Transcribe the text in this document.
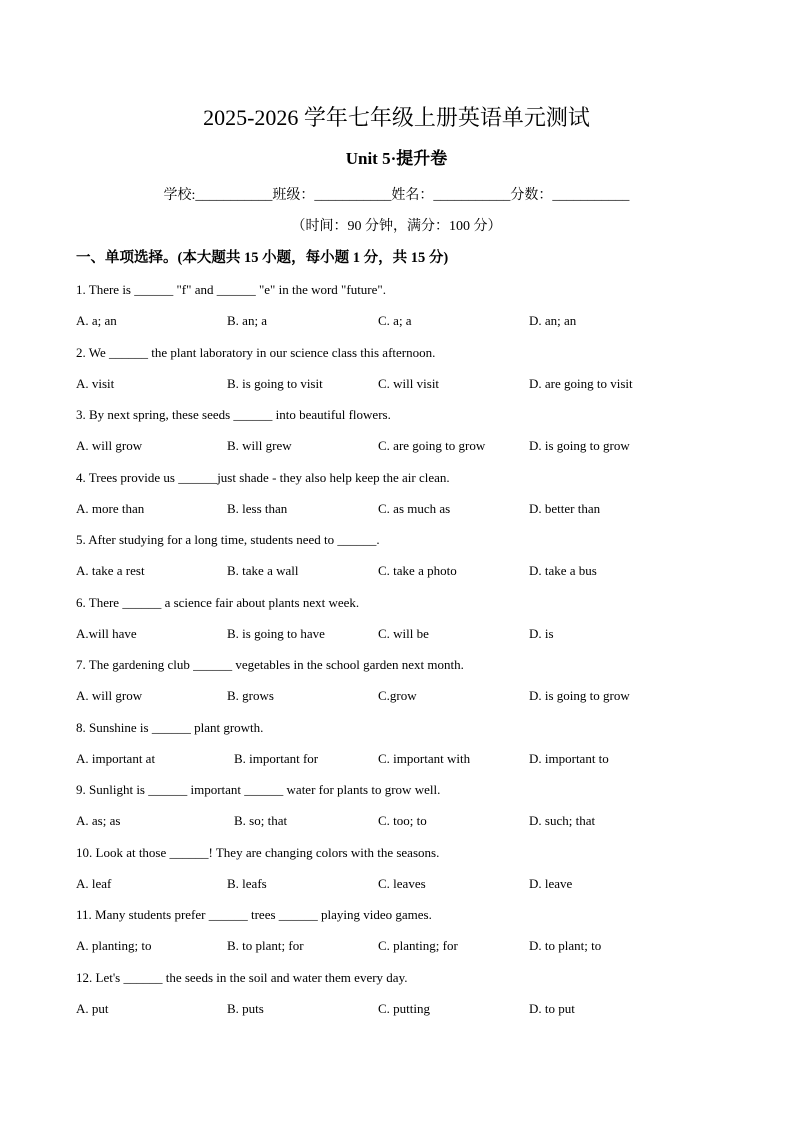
2025-2026 学年七年级上册英语单元测试
Unit 5·提升卷
学校:___________班级：___________姓名：___________分数：___________
（时间：90 分钟，满分：100 分）
一、单项选择。(本大题共 15 小题，每小题 1 分，共 15 分)
1. There is ______ "f" and ______ "e" in the word "future".
A. a; an	B. an; a	C. a; a	D. an; an
2. We ______ the plant laboratory in our science class this afternoon.
A. visit	B. is going to visit	C. will visit	D. are going to visit
3. By next spring, these seeds ______ into beautiful flowers.
A. will grow	B. will grew	C. are going to grow	D. is going to grow
4. Trees provide us ______just shade - they also help keep the air clean.
A. more than	B. less than	C. as much as	D. better than
5. After studying for a long time, students need to ______.
A. take a rest	B. take a wall	C. take a photo	D. take a bus
6. There ______ a science fair about plants next week.
A.will have	B. is going to have	C. will be	D. is
7. The gardening club ______ vegetables in the school garden next month.
A. will grow	B. grows	C.grow	D. is going to grow
8. Sunshine is ______ plant growth.
A. important at	B. important for	C. important with	D. important to
9. Sunlight is ______ important ______ water for plants to grow well.
A. as; as	B. so; that	C. too; to	D. such; that
10. Look at those ______! They are changing colors with the seasons.
A. leaf	B. leafs	C. leaves	D. leave
11. Many students prefer ______ trees ______ playing video games.
A. planting; to	B. to plant; for	C. planting; for	D. to plant; to
12. Let's ______ the seeds in the soil and water them every day.
A. put	B. puts	C. putting	D. to put
